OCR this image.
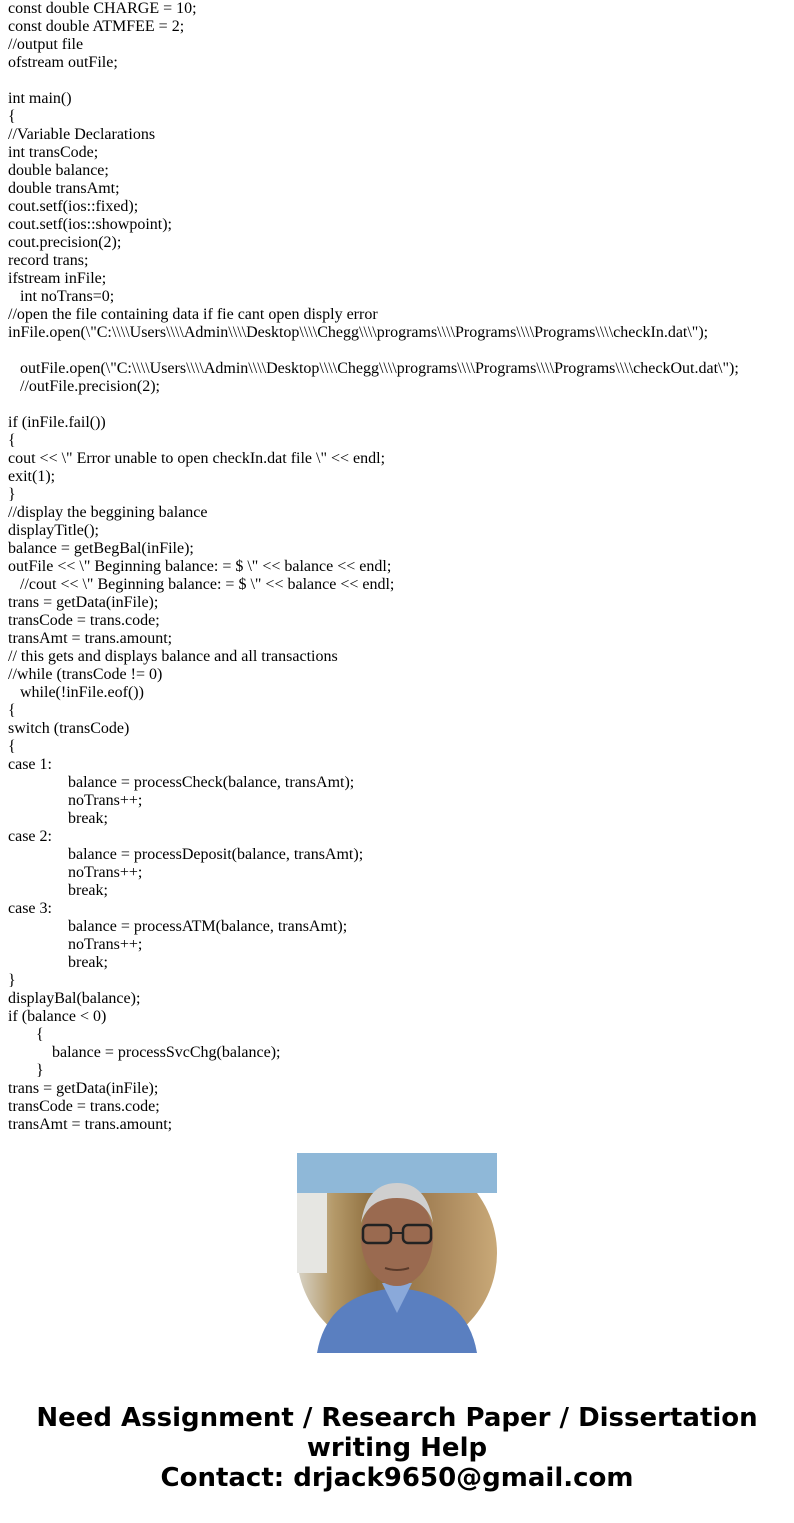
const double CHARGE = 10;
const double ATMFEE = 2;
//output file
ofstream outFile;
int main()
{
//Variable Declarations
int transCode;
double balance;
double transAmt;
cout.setf(ios::fixed);
cout.setf(ios::showpoint);
cout.precision(2);
record trans;
ifstream inFile;
int noTrans=0;
//open the file containing data if fie cant open disply error
inFile.open(\"C:\\\\Users\\\\Admin\\\\Desktop\\\\Chegg\\\\programs\\\\Programs\\\\Programs\\\\checkIn.dat\");
outFile.open(\"C:\\\\Users\\\\Admin\\\\Desktop\\\\Chegg\\\\programs\\\\Programs\\\\Programs\\\\checkOut.dat\");
//outFile.precision(2);
if (inFile.fail())
{
cout << \" Error unable to open checkIn.dat file \" << endl;
exit(1);
}
//display the beggining balance
displayTitle();
balance = getBegBal(inFile);
outFile << \" Beginning balance: = $ \" << balance << endl;
//cout << \" Beginning balance: = $ \" << balance << endl;
trans = getData(inFile);
transCode = trans.code;
transAmt = trans.amount;
// this gets and displays balance and all transactions
//while (transCode != 0)
while(!inFile.eof())
{
switch (transCode)
{
case 1:
	balance = processCheck(balance, transAmt);
	noTrans++;
	break;
case 2:
	balance = processDeposit(balance, transAmt);
	noTrans++;
	break;
case 3:
	balance = processATM(balance, transAmt);
	noTrans++;
	break;
}
displayBal(balance);
if (balance < 0)
{
balance = processSvcChg(balance);
}
trans = getData(inFile);
transCode = trans.code;
transAmt = trans.amount;
Need Assignment / Research Paper / Dissertation
writing Help
Contact: drjack9650@gmail.com
